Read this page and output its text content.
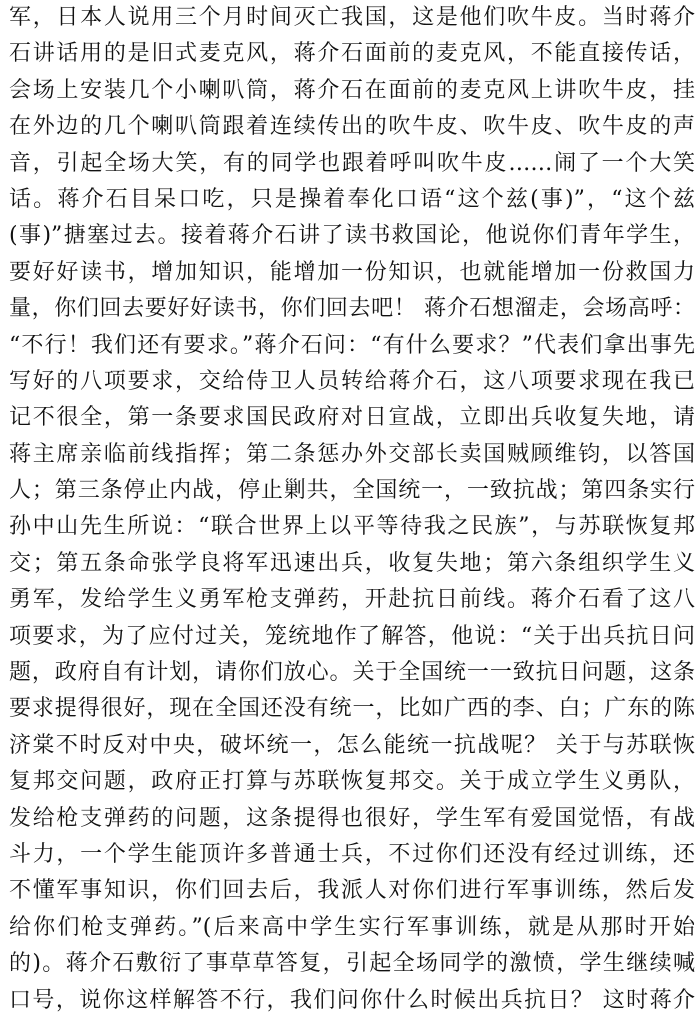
军，日本人说用三个月时间灭亡我国，这是他们吹牛皮。当时蒋介
石讲话用的是旧式麦克风，蒋介石面前的麦克风，不能直接传话，
会场上安装几个小喇叭筒，蒋介石在面前的麦克风上讲吹牛皮，挂
在外边的几个喇叭筒跟着连续传出的吹牛皮、吹牛皮、吹牛皮的声
音，引起全场大笑，有的同学也跟着呼叫吹牛皮……闹了一个大笑
话。蒋介石目呆口吃，只是操着奉化口语“这个兹(事)”，“这个兹
(事)”搪塞过去。接着蒋介石讲了读书救国论，他说你们青年学生，
要好好读书，增加知识，能增加一份知识，也就能增加一份救国力
量，你们回去要好好读书，你们回去吧！ 蒋介石想溜走，会场高呼：
“不行！我们还有要求。”蒋介石问：“有什么要求？”代表们拿出事先
写好的八项要求，交给侍卫人员转给蒋介石，这八项要求现在我已
记不很全，第一条要求国民政府对日宣战，立即出兵收复失地，请
蒋主席亲临前线指挥；第二条惩办外交部长卖国贼顾维钧，以答国
人；第三条停止内战，停止剿共，全国统一，一致抗战；第四条实行
孙中山先生所说：“联合世界上以平等待我之民族”，与苏联恢复邦
交；第五条命张学良将军迅速出兵，收复失地；第六条组织学生义
勇军，发给学生义勇军枪支弹药，开赴抗日前线。蒋介石看了这八
项要求，为了应付过关，笼统地作了解答，他说：“关于出兵抗日问
题，政府自有计划，请你们放心。关于全国统一一致抗日问题，这条
要求提得很好，现在全国还没有统一，比如广西的李、白；广东的陈
济棠不时反对中央，破坏统一，怎么能统一抗战呢？ 关于与苏联恢
复邦交问题，政府正打算与苏联恢复邦交。关于成立学生义勇队，
发给枪支弹药的问题，这条提得也很好，学生军有爱国觉悟，有战
斗力，一个学生能顶许多普通士兵，不过你们还没有经过训练，还
不懂军事知识，你们回去后，我派人对你们进行军事训练，然后发
给你们枪支弹药。”(后来高中学生实行军事训练，就是从那时开始
的)。蒋介石敷衍了事草草答复，引起全场同学的激愤，学生继续喊
口号，说你这样解答不行，我们问你什么时候出兵抗日？ 这时蒋介
